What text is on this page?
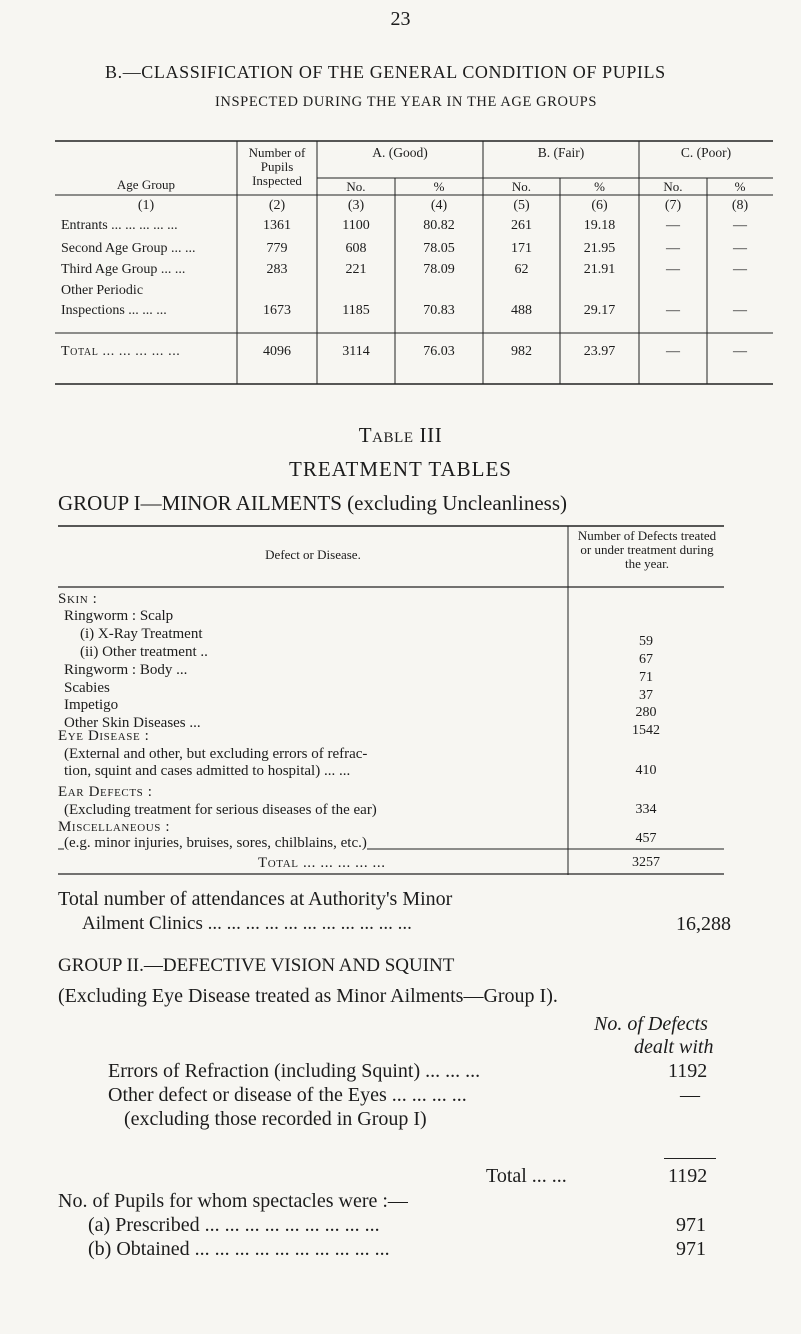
23
B.—CLASSIFICATION OF THE GENERAL CONDITION OF PUPILS
INSPECTED DURING THE YEAR IN THE AGE GROUPS
Age Group
Number of Pupils Inspected
A. (Good)	B. (Fair)	C. (Poor)
No.	%	No.	%	No.	%
(1)	(2)	(3)	(4)	(5)	(6)	(7)	(8)
Entrants ... ... ... ... ...	1361	1100	80.82	261	19.18	—	—
Second Age Group ... ...	779	608	78.05	171	21.95	—	—
Third Age Group ... ...	283	221	78.09	62	21.91	—	—
Other Periodic
Inspections ... ... ...	1673	1185	70.83	488	29.17	—	—
Total ... ... ... ... ...	4096	3114	76.03	982	23.97	—	—
Table III
TREATMENT TABLES
GROUP I—MINOR AILMENTS (excluding Uncleanliness)
Defect or Disease.
Number of Defects treated or under treatment during the year.
Skin :
Ringworm : Scalp
(i) X-Ray Treatment	59
(ii) Other treatment ..	67
Ringworm : Body ...	71
Scabies	37
Impetigo	280
Other Skin Diseases ...	1542
Eye Disease :
(External and other, but excluding errors of refrac-
tion, squint and cases admitted to hospital) ... ...	410
Ear Defects :
(Excluding treatment for serious diseases of the ear)	334
Miscellaneous :
(e.g. minor injuries, bruises, sores, chilblains, etc.)	457
Total ... ... ... ... ...	3257
Total number of attendances at Authority's Minor
Ailment Clinics ... ... ... ... ... ... ... ... ... ... ...	16,288
GROUP II.—DEFECTIVE VISION AND SQUINT
(Excluding Eye Disease treated as Minor Ailments—Group I).
No. of Defects
dealt with
Errors of Refraction (including Squint) ... ... ...	1192
Other defect or disease of the Eyes ... ... ... ...	—
(excluding those recorded in Group I)
Total ... ...	1192
No. of Pupils for whom spectacles were :—
(a) Prescribed ... ... ... ... ... ... ... ... ...	971
(b) Obtained ... ... ... ... ... ... ... ... ... ...	971
